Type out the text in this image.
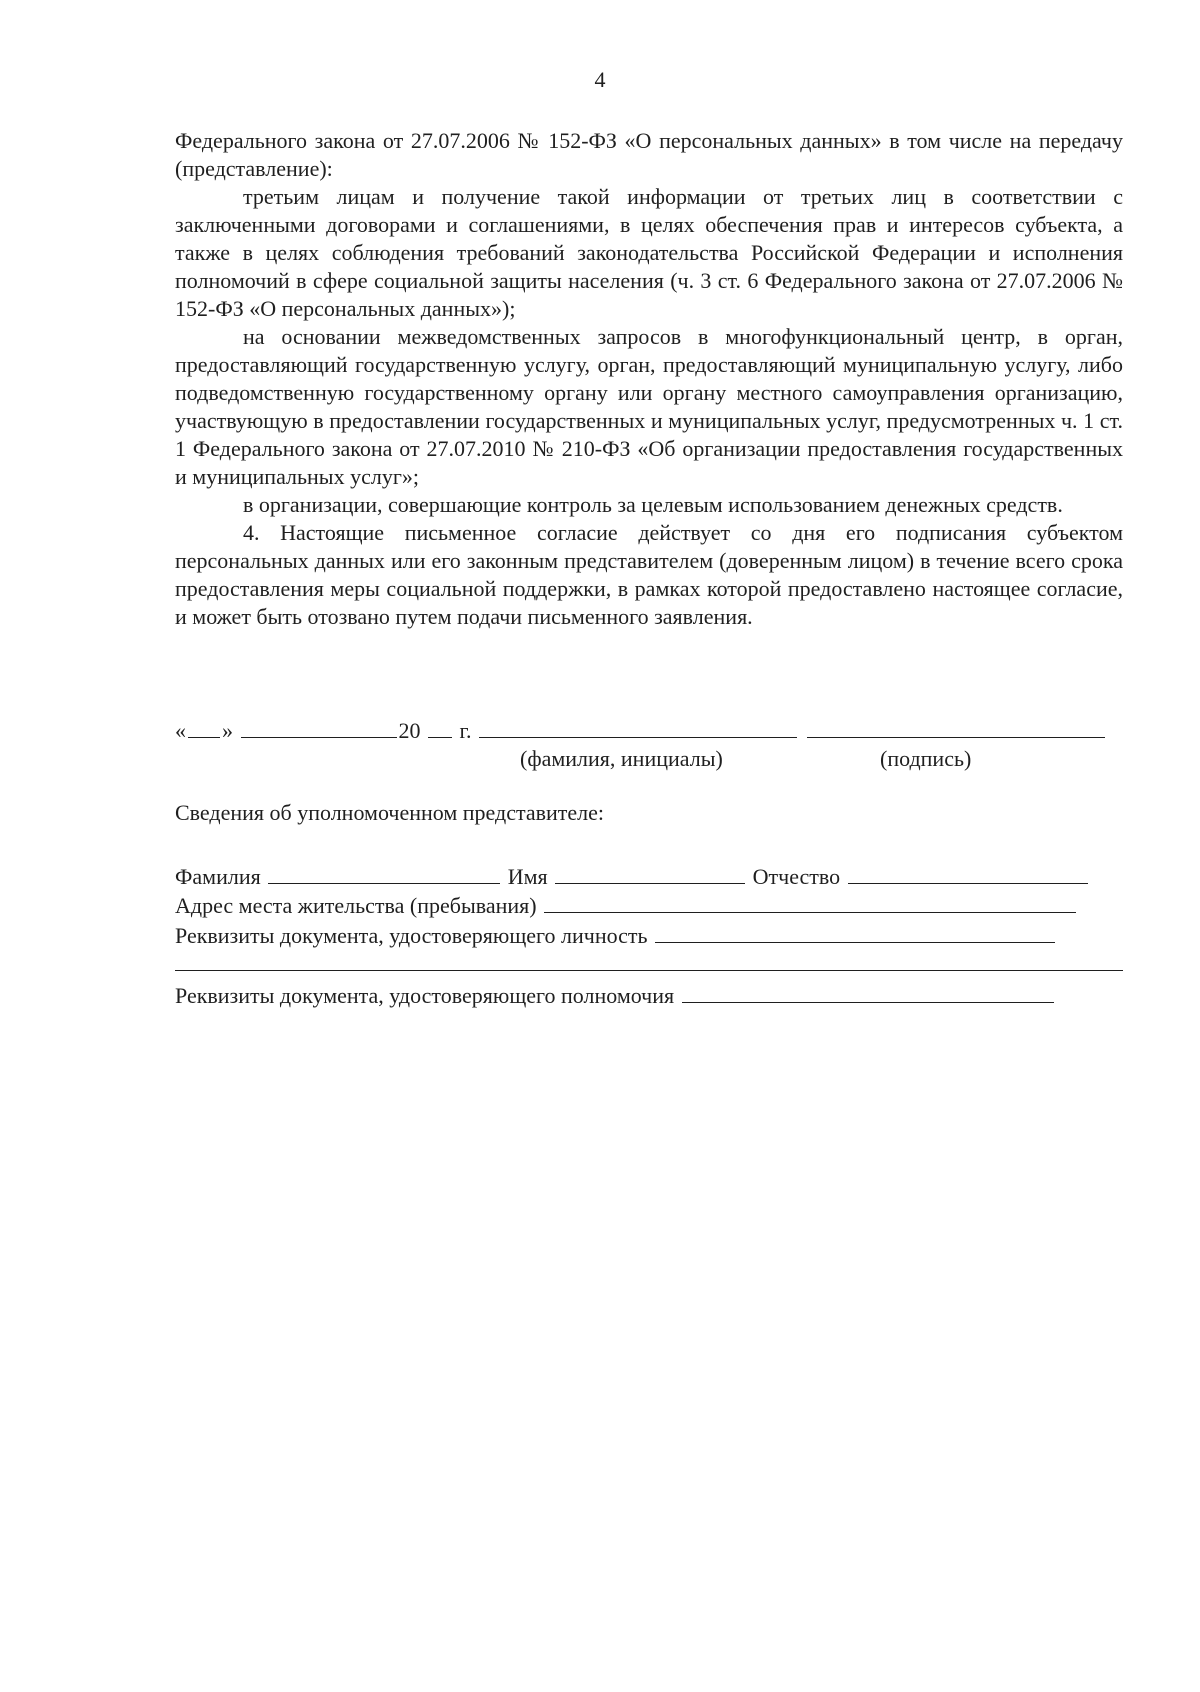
4

Федерального закона от 27.07.2006 № 152-ФЗ «О персональных данных» в том числе на передачу (представление):

третьим лицам и получение такой информации от третьих лиц в соответствии с заключенными договорами и соглашениями, в целях обеспечения прав и интересов субъекта, а также в целях соблюдения требований законодательства Российской Федерации и исполнения полномочий в сфере социальной защиты населения (ч. 3 ст. 6 Федерального закона от 27.07.2006 № 152-ФЗ «О персональных данных»);

на основании межведомственных запросов в многофункциональный центр, в орган, предоставляющий государственную услугу, орган, предоставляющий муниципальную услугу, либо подведомственную государственному органу или органу местного самоуправления организацию, участвующую в предоставлении государственных и муниципальных услуг, предусмотренных ч. 1 ст. 1 Федерального закона от 27.07.2010 № 210-ФЗ «Об организации предоставления государственных и муниципальных услуг»;

в организации, совершающие контроль за целевым использованием денежных средств.

4. Настоящие письменное согласие действует со дня его подписания субъектом персональных данных или его законным представителем (доверенным лицом) в течение всего срока предоставления меры социальной поддержки, в рамках которой предоставлено настоящее согласие, и может быть отозвано путем подачи письменного заявления.

« »	20 г.
(фамилия, инициалы)	(подпись)
Сведения об уполномоченном представителе:
Фамилия	Имя	Отчество
Адрес места жительства (пребывания)
Реквизиты документа, удостоверяющего личность
Реквизиты документа, удостоверяющего полномочия
